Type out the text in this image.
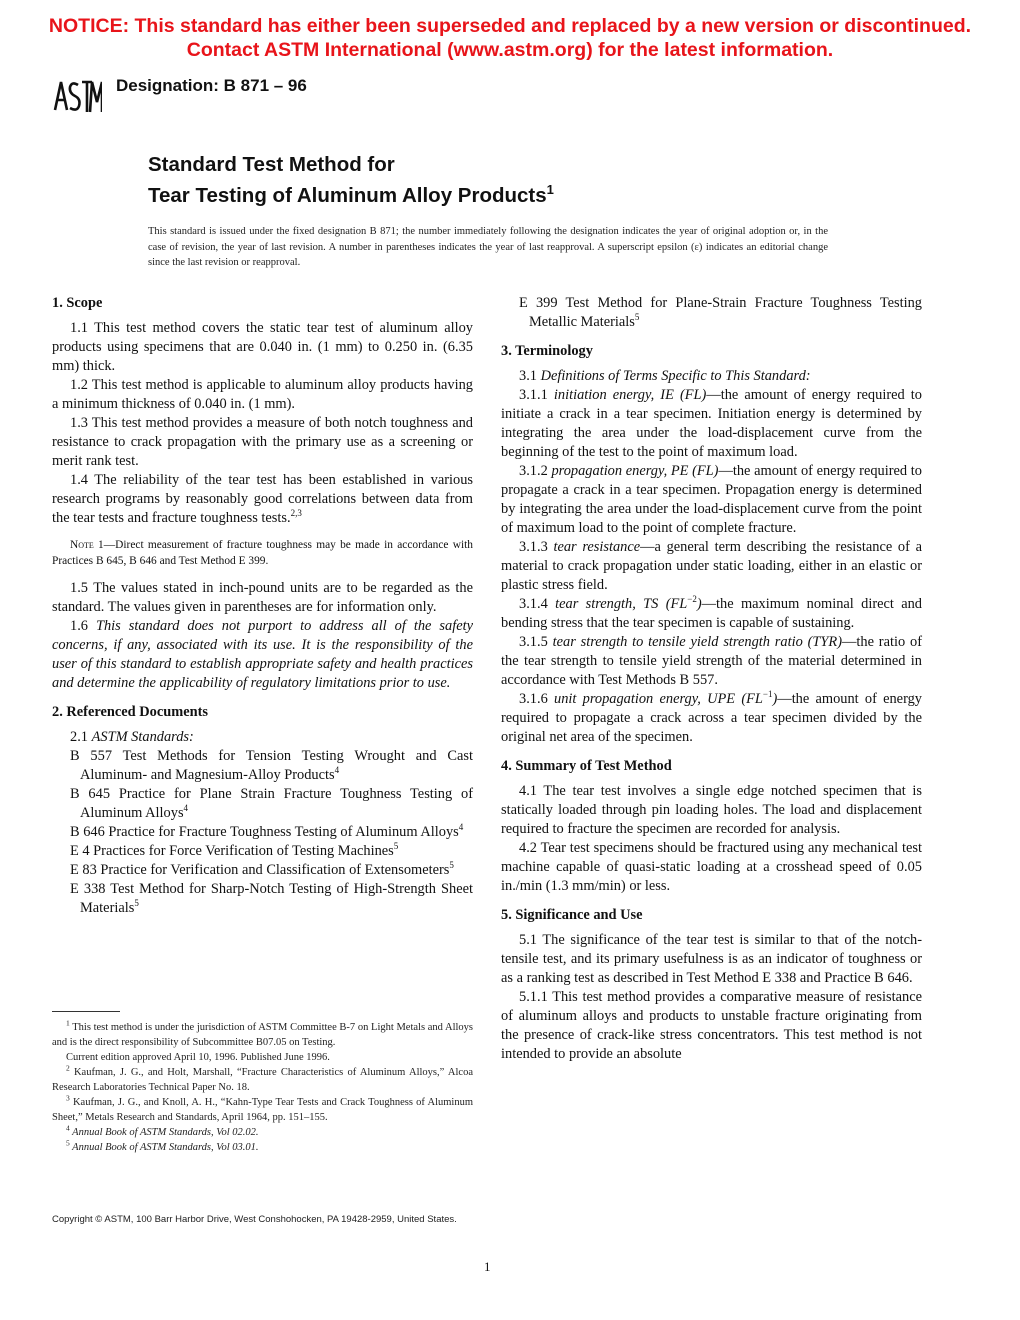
NOTICE: This standard has either been superseded and replaced by a new version or discontinued.
Contact ASTM International (www.astm.org) for the latest information.
Designation: B 871 – 96
Standard Test Method for
Tear Testing of Aluminum Alloy Products$^1$
This standard is issued under the fixed designation B 871; the number immediately following the designation indicates the year of original adoption or, in the case of revision, the year of last revision. A number in parentheses indicates the year of last reapproval. A superscript epsilon (ε) indicates an editorial change since the last revision or reapproval.
1. Scope

1.1 This test method covers the static tear test of aluminum alloy products using specimens that are 0.040 in. (1 mm) to 0.250 in. (6.35 mm) thick.

1.2 This test method is applicable to aluminum alloy products having a minimum thickness of 0.040 in. (1 mm).

1.3 This test method provides a measure of both notch toughness and resistance to crack propagation with the primary use as a screening or merit rank test.

1.4 The reliability of the tear test has been established in various research programs by reasonably good correlations between data from the tear tests and fracture toughness tests.$^{2,3}$

Note 1—Direct measurement of fracture toughness may be made in accordance with Practices B 645, B 646 and Test Method E 399.

1.5 The values stated in inch-pound units are to be regarded as the standard. The values given in parentheses are for information only.

1.6 This standard does not purport to address all of the safety concerns, if any, associated with its use. It is the responsibility of the user of this standard to establish appropriate safety and health practices and determine the applicability of regulatory limitations prior to use.

2. Referenced Documents

2.1 ASTM Standards:

B 557 Test Methods for Tension Testing Wrought and Cast Aluminum- and Magnesium-Alloy Products$^4$

B 645 Practice for Plane Strain Fracture Toughness Testing of Aluminum Alloys$^4$

B 646 Practice for Fracture Toughness Testing of Aluminum Alloys$^4$

E 4 Practices for Force Verification of Testing Machines$^5$

E 83 Practice for Verification and Classification of Extensometers$^5$

E 338 Test Method for Sharp-Notch Testing of High-Strength Sheet Materials$^5$

$^1$ This test method is under the jurisdiction of ASTM Committee B-7 on Light Metals and Alloys and is the direct responsibility of Subcommittee B07.05 on Testing.

Current edition approved April 10, 1996. Published June 1996.

$^2$ Kaufman, J. G., and Holt, Marshall, “Fracture Characteristics of Aluminum Alloys,” Alcoa Research Laboratories Technical Paper No. 18.

$^3$ Kaufman, J. G., and Knoll, A. H., “Kahn-Type Tear Tests and Crack Toughness of Aluminum Sheet,” Metals Research and Standards, April 1964, pp. 151–155.

$^4$ Annual Book of ASTM Standards, Vol 02.02.

$^5$ Annual Book of ASTM Standards, Vol 03.01.

E 399 Test Method for Plane-Strain Fracture Toughness Testing Metallic Materials$^5$

3. Terminology

3.1 Definitions of Terms Specific to This Standard:

3.1.1 initiation energy, IE (FL)—the amount of energy required to initiate a crack in a tear specimen. Initiation energy is determined by integrating the area under the load-displacement curve from the beginning of the test to the point of maximum load.

3.1.2 propagation energy, PE (FL)—the amount of energy required to propagate a crack in a tear specimen. Propagation energy is determined by integrating the area under the load-displacement curve from the point of maximum load to the point of complete fracture.

3.1.3 tear resistance—a general term describing the resistance of a material to crack propagation under static loading, either in an elastic or plastic stress field.

3.1.4 tear strength, TS $(FL^{-2})—the$ maximum nominal direct and bending stress that the tear specimen is capable of sustaining.

3.1.5 tear strength to tensile yield strength ratio (TYR)—the ratio of the tear strength to tensile yield strength of the material determined in accordance with Test Methods B 557.

3.1.6 unit propagation energy, UPE $(FL^{-1})—the$ amount of energy required to propagate a crack across a tear specimen divided by the original net area of the specimen.

4. Summary of Test Method

4.1 The tear test involves a single edge notched specimen that is statically loaded through pin loading holes. The load and displacement required to fracture the specimen are recorded for analysis.

4.2 Tear test specimens should be fractured using any mechanical test machine capable of quasi-static loading at a crosshead speed of 0.05 in./min (1.3 mm/min) or less.

5. Significance and Use

5.1 The significance of the tear test is similar to that of the notch-tensile test, and its primary usefulness is as an indicator of toughness or as a ranking test as described in Test Method E 338 and Practice B 646.

5.1.1 This test method provides a comparative measure of resistance of aluminum alloys and products to unstable fracture originating from the presence of crack-like stress concentrators. This test method is not intended to provide an absolute

Copyright © ASTM, 100 Barr Harbor Drive, West Conshohocken, PA 19428-2959, United States.
1
